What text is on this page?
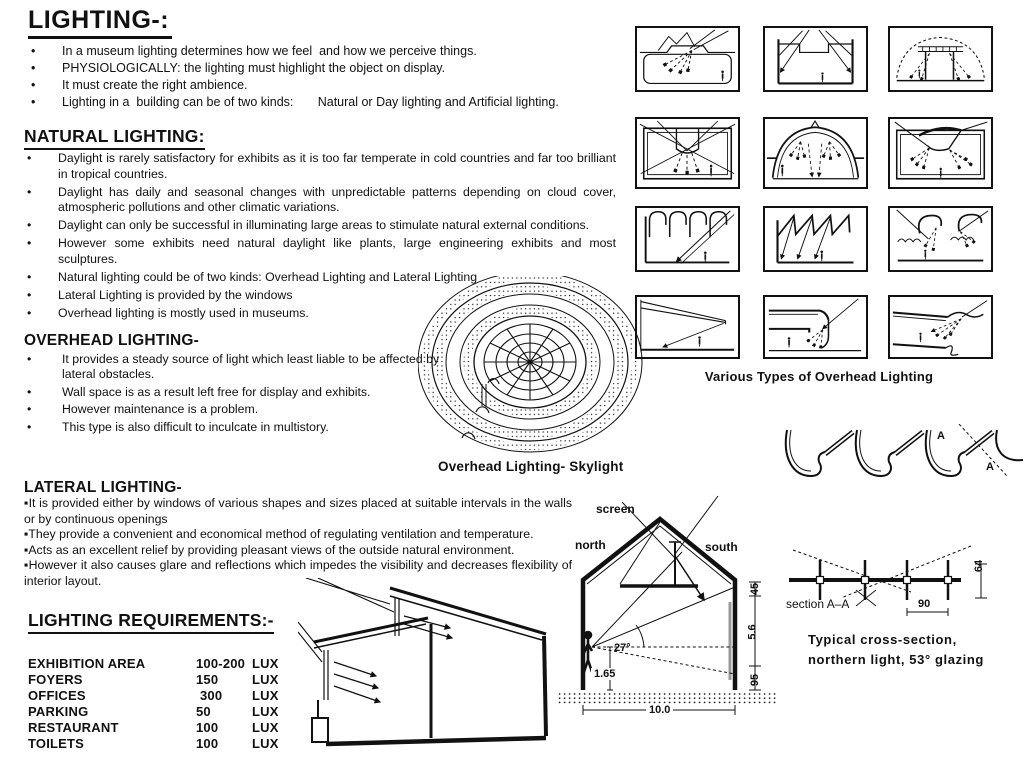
LIGHTING-:
• In a museum lighting determines how we feel  and how we perceive things.
• PHYSIOLOGICALLY: the lighting must highlight the object on display.
• It must create the right ambience.
• Lighting in a  building can be of two kinds:       Natural or Day lighting and Artificial lighting.
NATURAL LIGHTING:
• Daylight is rarely satisfactory for exhibits as it is too far temperate in cold countries and far too brilliant in tropical countries.
• Daylight has daily and seasonal changes with unpredictable patterns depending on cloud cover, atmospheric pollutions and other climatic variations.
• Daylight can only be successful in illuminating large areas to stimulate natural external conditions.
• However some exhibits need natural daylight like plants, large engineering exhibits and most sculptures.
• Natural lighting could be of two kinds: Overhead Lighting and Lateral Lighting
• Lateral Lighting is provided by the windows
• Overhead lighting is mostly used in museums.
OVERHEAD LIGHTING-
• It provides a steady source of light which least liable to be affected by lateral obstacles.
• Wall space is as a result left free for display and exhibits.
• However maintenance is a problem.
• This type is also difficult to inculcate in multistory.
LATERAL LIGHTING-

▪It is provided either by windows of various shapes and sizes placed at suitable intervals in the walls or by continuous openings

▪They provide a convenient and economical method of regulating ventilation and temperature.

▪Acts as an excellent relief by providing pleasant views of the outside natural environment.

▪However it also causes glare and reflections which impedes the visibility and decreases flexibility of interior layout.

LIGHTING REQUIREMENTS:-
EXHIBITION AREA	100-200 LUX
FOYERS	150	LUX
OFFICES	300	LUX
PARKING	50	LUX
RESTAURANT	100	LUX
TOILETS	100	LUX
Various Types of Overhead Lighting
Overhead Lighting- Skylight
screen
north	south
27°
1.65
45
5.6
95
10.0
A
A
section A–A	90
64
Typical cross-section,
northern light, 53° glazing
